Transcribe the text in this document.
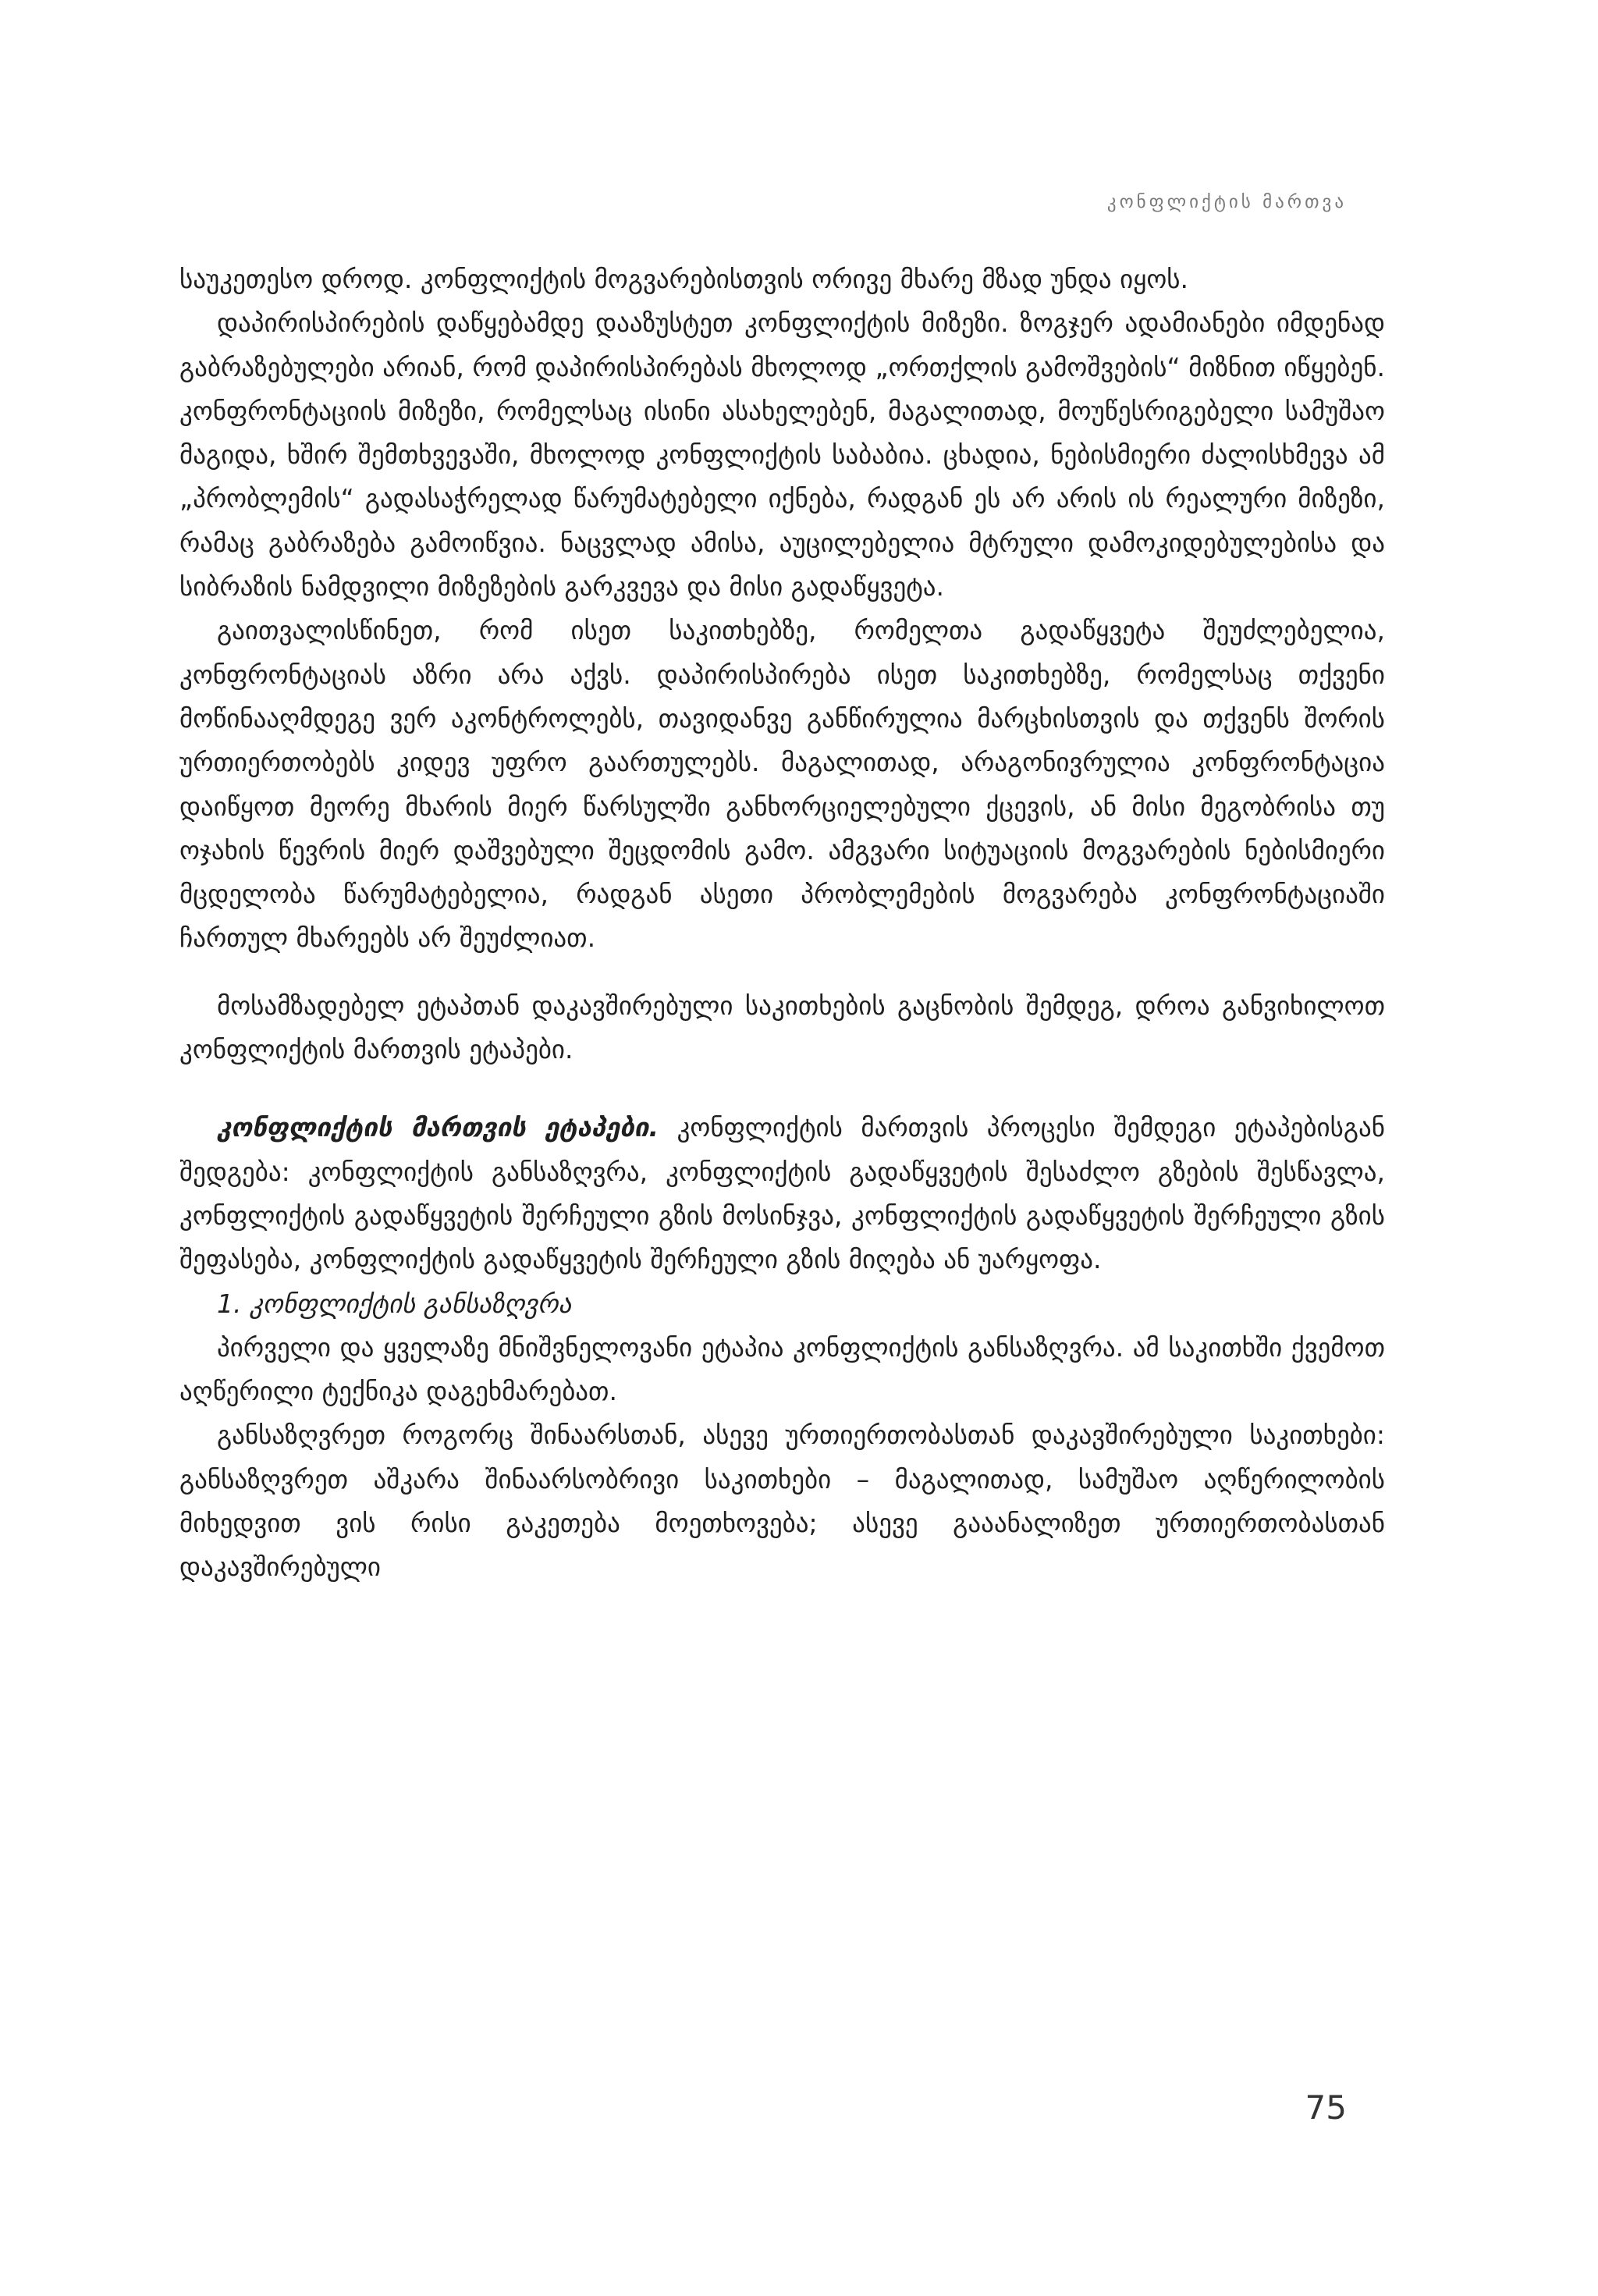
კონფლიქტის მართვა

საუკეთესო დროდ. კონფლიქტის მოგვარებისთვის ორივე მხარე მზად უნდა იყოს.

დაპირისპირების დაწყებამდე დააზუსტეთ კონფლიქტის მიზეზი. ზოგჯერ ადამიანები იმდენად გაბრაზებულები არიან, რომ დაპირისპირებას მხოლოდ „ორთქლის გამოშვების“ მიზნით იწყებენ. კონფრონტაციის მიზეზი, რომელსაც ისინი ასახელებენ, მაგალითად, მოუწესრიგებელი სამუშაო მაგიდა, ხშირ შემთხვევაში, მხოლოდ კონფლიქტის საბაბია. ცხადია, ნებისმიერი ძალისხმევა ამ „პრობლემის“ გადასაჭრელად წარუმატებელი იქნება, რადგან ეს არ არის ის რეალური მიზეზი, რამაც გაბრაზება გამოიწვია. ნაცვლად ამისა, აუცილებელია მტრული დამოკიდებულებისა და სიბრაზის ნამდვილი მიზეზების გარკვევა და მისი გადაწყვეტა.

გაითვალისწინეთ, რომ ისეთ საკითხებზე, რომელთა გადაწყვეტა შეუძლებელია, კონფრონტაციას აზრი არა აქვს. დაპირისპირება ისეთ საკითხებზე, რომელსაც თქვენი მოწინააღმდეგე ვერ აკონტროლებს, თავიდანვე განწირულია მარცხისთვის და თქვენს შორის ურთიერთობებს კიდევ უფრო გაართულებს. მაგალითად, არაგონივრულია კონფრონტაცია დაიწყოთ მეორე მხარის მიერ წარსულში განხორციელებული ქცევის, ან მისი მეგობრისა თუ ოჯახის წევრის მიერ დაშვებული შეცდომის გამო. ამგვარი სიტუაციის მოგვარების ნებისმიერი მცდელობა წარუმატებელია, რადგან ასეთი პრობლემების მოგვარება კონფრონტაციაში ჩართულ მხარეებს არ შეუძლიათ.

მოსამზადებელ ეტაპთან დაკავშირებული საკითხების გაცნობის შემდეგ, დროა განვიხილოთ კონფლიქტის მართვის ეტაპები.

კონფლიქტის მართვის ეტაპები. კონფლიქტის მართვის პროცესი შემდეგი ეტაპებისგან შედგება: კონფლიქტის განსაზღვრა, კონფლიქტის გადაწყვეტის შესაძლო გზების შესწავლა, კონფლიქტის გადაწყვეტის შერჩეული გზის მოსინჯვა, კონფლიქტის გადაწყვეტის შერჩეული გზის შეფასება, კონფლიქტის გადაწყვეტის შერჩეული გზის მიღება ან უარყოფა.

1. კონფლიქტის განსაზღვრა

პირველი და ყველაზე მნიშვნელოვანი ეტაპია კონფლიქტის განსაზღვრა. ამ საკითხში ქვემოთ აღწერილი ტექნიკა დაგეხმარებათ.

განსაზღვრეთ როგორც შინაარსთან, ასევე ურთიერთობასთან დაკავშირებული საკითხები: განსაზღვრეთ აშკარა შინაარსობრივი საკითხები – მაგალითად, სამუშაო აღწერილობის მიხედვით ვის რისი გაკეთება მოეთხოვება; ასევე გააანალიზეთ ურთიერთობასთან დაკავშირებული

75
